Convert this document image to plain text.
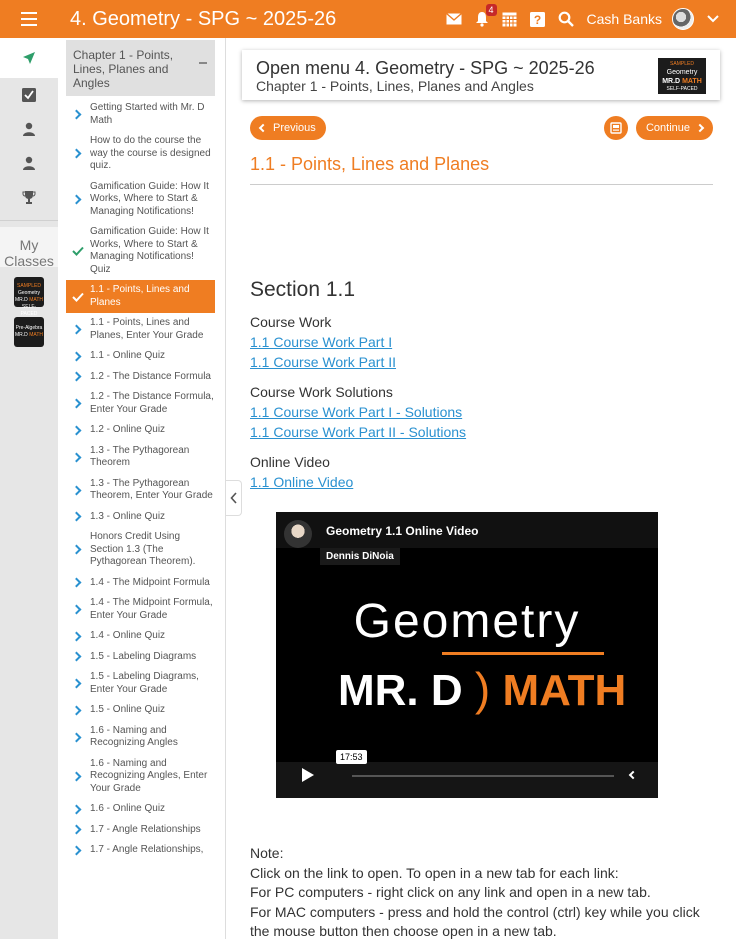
4. Geometry - SPG ~ 2025-26	4
?	Cash Banks
My Classes
SAMPLED
Geometry
MR.D MATH
SELF-PACED
Pre-Algebra
MR.D MATH
Chapter 1 - Points, Lines, Planes and Angles
Getting Started with Mr. D Math
How to do the course the way the course is designed quiz.
Gamification Guide: How It Works, Where to Start & Managing Notifications!
Gamification Guide: How It Works, Where to Start & Managing Notifications! Quiz
1.1 - Points, Lines and Planes
1.1 - Points, Lines and Planes, Enter Your Grade
1.1 - Online Quiz
1.2 - The Distance Formula
1.2 - The Distance Formula, Enter Your Grade
1.2 - Online Quiz
1.3 - The Pythagorean Theorem
1.3 - The Pythagorean Theorem, Enter Your Grade
1.3 - Online Quiz
Honors Credit Using Section 1.3 (The Pythagorean Theorem).
1.4 - The Midpoint Formula
1.4 - The Midpoint Formula, Enter Your Grade
1.4 - Online Quiz
1.5 - Labeling Diagrams
1.5 - Labeling Diagrams, Enter Your Grade
1.5 - Online Quiz
1.6 - Naming and Recognizing Angles
1.6 - Naming and Recognizing Angles, Enter Your Grade
1.6 - Online Quiz
1.7 - Angle Relationships
1.7 - Angle Relationships,
Open menu 4. Geometry - SPG ~ 2025-26
Chapter 1 - Points, Lines, Planes and Angles
SAMPLED
Geometry
MR.D MATH
SELF-PACED
Previous	Continue
1.1 - Points, Lines and Planes
Section 1.1
Course Work
1.1 Course Work Part I
1.1 Course Work Part II
Course Work Solutions
1.1 Course Work Part I - Solutions
1.1 Course Work Part II - Solutions
Online Video
1.1 Online Video
Geometry 1.1 Online Video
Dennis DiNoia
Geometry
MR. D ) MATH
17:53
Note:
Click on the link to open. To open in a new tab for each link:
For PC computers - right click on any link and open in a new tab.
For MAC computers - press and hold the control (ctrl) key while you click the mouse button then choose open in a new tab.
